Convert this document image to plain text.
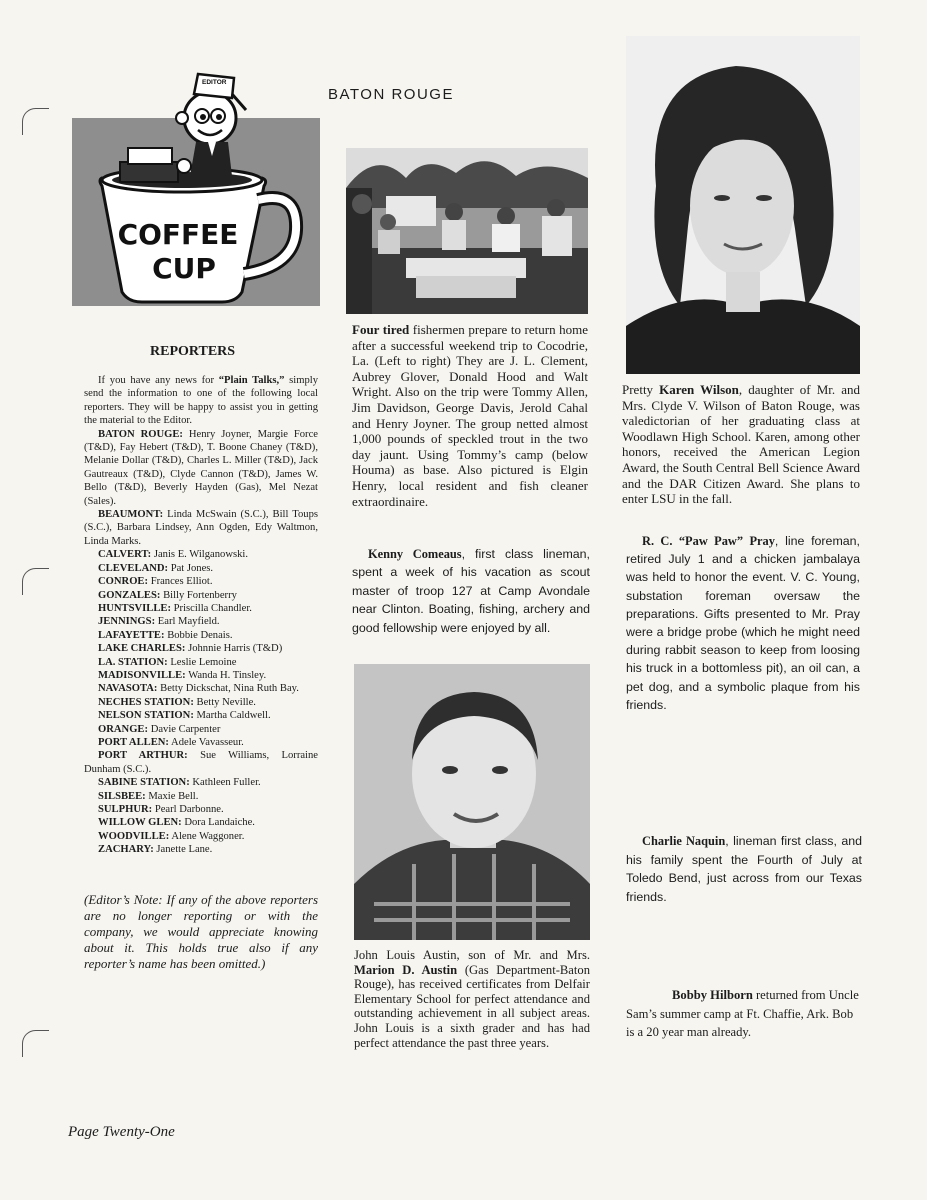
BATON ROUGE
EDITOR
COFFEE
CUP
REPORTERS

If you have any news for “Plain Talks,” simply send the information to one of the following local reporters. They will be happy to assist you in getting the material to the Editor.

BATON ROUGE: Henry Joyner, Margie Force (T&D), Fay Hebert (T&D), T. Boone Chaney (T&D), Melanie Dollar (T&D), Charles L. Miller (T&D), Jack Gautreaux (T&D), Clyde Cannon (T&D), James W. Bello (T&D), Beverly Hayden (Gas), Mel Nezat (Sales).

BEAUMONT: Linda McSwain (S.C.), Bill Toups (S.C.), Barbara Lindsey, Ann Ogden, Edy Waltmon, Linda Marks.

CALVERT: Janis E. Wilganowski.

CLEVELAND: Pat Jones.

CONROE: Frances Elliot.

GONZALES: Billy Fortenberry

HUNTSVILLE: Priscilla Chandler.

JENNINGS: Earl Mayfield.

LAFAYETTE: Bobbie Denais.

LAKE CHARLES: Johnnie Harris (T&D)

LA. STATION: Leslie Lemoine

MADISONVILLE: Wanda H. Tinsley.

NAVASOTA: Betty Dickschat, Nina Ruth Bay.

NECHES STATION: Betty Neville.

NELSON STATION: Martha Caldwell.

ORANGE: Davie Carpenter

PORT ALLEN: Adele Vavasseur.

PORT ARTHUR: Sue Williams, Lorraine Dunham (S.C.).

SABINE STATION: Kathleen Fuller.

SILSBEE: Maxie Bell.

SULPHUR: Pearl Darbonne.

WILLOW GLEN: Dora Landaiche.

WOODVILLE: Alene Waggoner.

ZACHARY: Janette Lane.

(Editor’s Note: If any of the above reporters are no longer reporting or with the company, we would appreciate knowing about it. This holds true also if any reporter’s name has been omitted.)

Four tired fishermen prepare to return home after a successful weekend trip to Cocodrie, La. (Left to right) They are J. L. Clement, Aubrey Glover, Donald Hood and Walt Wright. Also on the trip were Tommy Allen, Jim Davidson, George Davis, Jerold Cahal and Henry Joyner. The group netted almost 1,000 pounds of speckled trout in the two day jaunt. Using Tommy’s camp (below Houma) as base. Also pictured is Elgin Henry, local resident and fish cleaner extraordinaire.

Kenny Comeaus, first class lineman, spent a week of his vacation as scout master of troop 127 at Camp Avondale near Clinton. Boating, fishing, archery and good fellowship were enjoyed by all.

John Louis Austin, son of Mr. and Mrs. Marion D. Austin (Gas Department-Baton Rouge), has received certificates from Delfair Elementary School for perfect attendance and outstanding achievement in all subject areas. John Louis is a sixth grader and has had perfect attendance the past three years.

Pretty Karen Wilson, daughter of Mr. and Mrs. Clyde V. Wilson of Baton Rouge, was valedictorian of her graduating class at Woodlawn High School. Karen, among other honors, received the American Legion Award, the South Central Bell Science Award and the DAR Citizen Award. She plans to enter LSU in the fall.

R. C. “Paw Paw” Pray, line foreman, retired July 1 and a chicken jambalaya was held to honor the event. V. C. Young, substation foreman oversaw the preparations. Gifts presented to Mr. Pray were a bridge probe (which he might need during rabbit season to keep from loosing his truck in a bottomless pit), an oil can, a pet dog, and a symbolic plaque from his friends.

Charlie Naquin, lineman first class, and his family spent the Fourth of July at Toledo Bend, just across from our Texas friends.

Bobby Hilborn returned from Uncle Sam’s summer camp at Ft. Chaffie, Ark. Bob is a 20 year man already.

Page Twenty-One
